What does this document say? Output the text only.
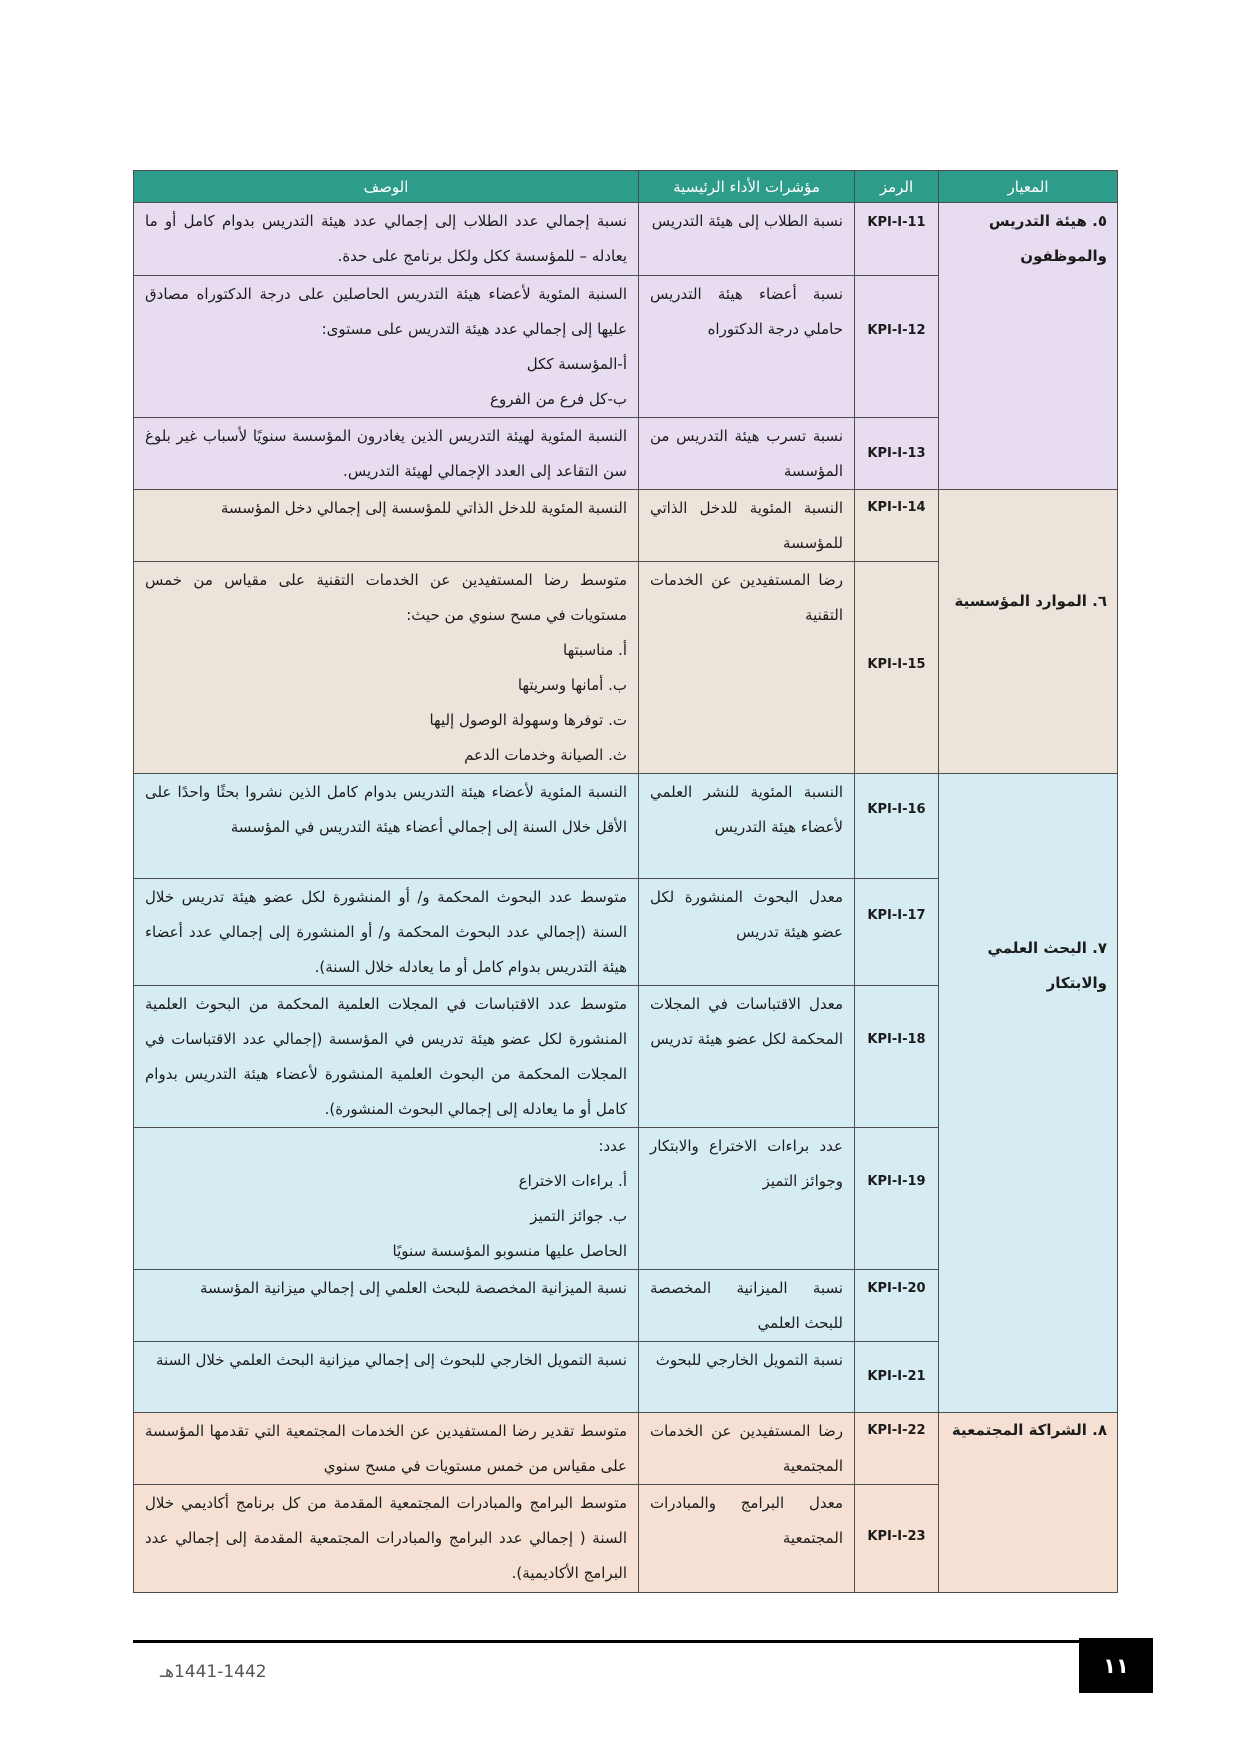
المعيار	الرمز	مؤشرات الأداء الرئيسية	الوصف
٥. هيئة التدريس والموظفون	KPI-I-11	نسبة الطلاب إلى هيئة التدريس	نسبة إجمالي عدد الطلاب إلى إجمالي عدد هيئة التدريس بدوام كامل أو ما يعادله – للمؤسسة ككل ولكل برنامج على حدة.

	KPI-I-12	نسبة أعضاء هيئة التدريس حاملي درجة الدكتوراه	السنبة المئوية لأعضاء هيئة التدريس الحاصلين على درجة الدكتوراه مصادق عليها إلى إجمالي عدد هيئة التدريس على مستوى:
أ-المؤسسة ككل
ب-كل فرع من الفروع

	KPI-I-13	نسبة تسرب هيئة التدريس من المؤسسة	النسبة المئوية لهيئة التدريس الذين يغادرون المؤسسة سنويًا لأسباب غير بلوغ سن التقاعد إلى العدد الإجمالي لهيئة التدريس.

٦. الموارد المؤسسية	KPI-I-14	النسبة المئوية للدخل الذاتي للمؤسسة	النسبة المئوية للدخل الذاتي للمؤسسة إلى إجمالي دخل المؤسسة

	KPI-I-15	رضا المستفيدين عن الخدمات التقنية	متوسط رضا المستفيدين عن الخدمات التقنية على مقياس من خمس مستويات في مسح سنوي من حيث:
أ. مناسبتها
ب. أمانها وسريتها
ت. توفرها وسهولة الوصول إليها
ث. الصيانة وخدمات الدعم

٧. البحث العلمي والابتكار	KPI-I-16	النسبة المئوية للنشر العلمي لأعضاء هيئة التدريس	النسبة المئوية لأعضاء هيئة التدريس بدوام كامل الذين نشروا بحثًا واحدًا على الأقل خلال السنة إلى إجمالي أعضاء هيئة التدريس في المؤسسة

	KPI-I-17	معدل البحوث المنشورة لكل عضو هيئة تدريس	متوسط عدد البحوث المحكمة و/ أو المنشورة لكل عضو هيئة تدريس خلال السنة (إجمالي عدد البحوث المحكمة و/ أو المنشورة إلى إجمالي عدد أعضاء هيئة التدريس بدوام كامل أو ما يعادله خلال السنة).

	KPI-I-18	معدل الاقتباسات في المجلات المحكمة لكل عضو هيئة تدريس	متوسط عدد الاقتباسات في المجلات العلمية المحكمة من البحوث العلمية المنشورة لكل عضو هيئة تدريس في المؤسسة (إجمالي عدد الاقتباسات في المجلات المحكمة من البحوث العلمية المنشورة لأعضاء هيئة التدريس بدوام كامل أو ما يعادله إلى إجمالي البحوث المنشورة).

	KPI-I-19	عدد براءات الاختراع والابتكار وجوائز التميز	عدد:
أ. براءات الاختراع
ب. جوائز التميز
الحاصل عليها منسوبو المؤسسة سنويًا

	KPI-I-20	نسبة الميزانية المخصصة للبحث العلمي	نسبة الميزانية المخصصة للبحث العلمي إلى إجمالي ميزانية المؤسسة

	KPI-I-21	نسبة التمويل الخارجي للبحوث	نسبة التمويل الخارجي للبحوث إلى إجمالي ميزانية البحث العلمي خلال السنة

٨. الشراكة المجتمعية	KPI-I-22	رضا المستفيدين عن الخدمات المجتمعية	متوسط تقدير رضا المستفيدين عن الخدمات المجتمعية التي تقدمها المؤسسة على مقياس من خمس مستويات في مسح سنوي

	KPI-I-23	معدل البرامج والمبادرات المجتمعية	متوسط البرامج والمبادرات المجتمعية المقدمة من كل برنامج أكاديمي خلال السنة ( إجمالي عدد البرامج والمبادرات المجتمعية المقدمة إلى إجمالي عدد البرامج الأكاديمية).
١١
1441-1442هـ
